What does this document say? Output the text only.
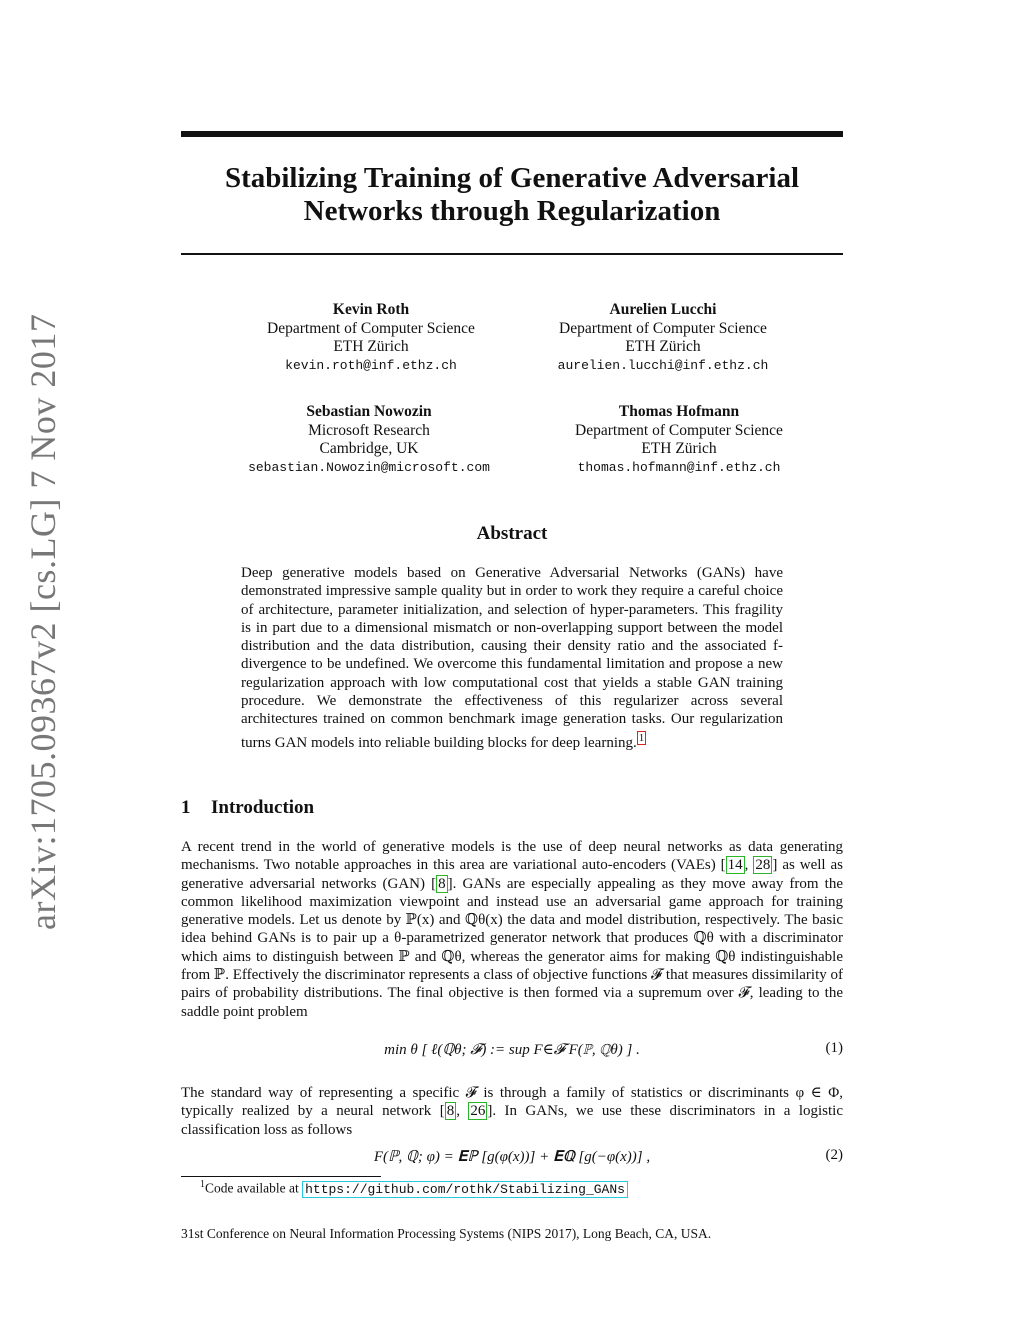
arXiv:1705.09367v2 [cs.LG] 7 Nov 2017
Stabilizing Training of Generative Adversarial
Networks through Regularization
Kevin Roth
Department of Computer Science
ETH Zürich
kevin.roth@inf.ethz.ch
Aurelien Lucchi
Department of Computer Science
ETH Zürich
aurelien.lucchi@inf.ethz.ch
Sebastian Nowozin
Microsoft Research
Cambridge, UK
sebastian.Nowozin@microsoft.com
Thomas Hofmann
Department of Computer Science
ETH Zürich
thomas.hofmann@inf.ethz.ch
Abstract
Deep generative models based on Generative Adversarial Networks (GANs) have demonstrated impressive sample quality but in order to work they require a careful choice of architecture, parameter initialization, and selection of hyper-parameters. This fragility is in part due to a dimensional mismatch or non-overlapping support between the model distribution and the data distribution, causing their density ratio and the associated f-divergence to be undefined. We overcome this fundamental limitation and propose a new regularization approach with low computational cost that yields a stable GAN training procedure. We demonstrate the effectiveness of this regularizer across several architectures trained on common benchmark image generation tasks. Our regularization turns GAN models into reliable building blocks for deep learning. $^1$
1 Introduction
A recent trend in the world of generative models is the use of deep neural networks as data generating mechanisms. Two notable approaches in this area are variational auto-encoders (VAEs) [ 14 , 28 ] as well as generative adversarial networks (GAN) [ 8 ]. GANs are especially appealing as they move away from the common likelihood maximization viewpoint and instead use an adversarial game approach for training generative models. Let us denote by ℙ(x) and ℚθ(x) the data and model distribution, respectively. The basic idea behind GANs is to pair up a θ-parametrized generator network that produces ℚθ with a discriminator which aims to distinguish between ℙ and ℚθ, whereas the generator aims for making ℚθ indistinguishable from ℙ. Effectively the discriminator represents a class of objective functions 𝓕 that measures dissimilarity of pairs of probability distributions. The final objective is then formed via a supremum over 𝓕, leading to the saddle point problem
min θ [ ℓ(ℚθ; 𝓕) := sup F∈𝓕 F(ℙ, ℚθ) ] .	(1)
The standard way of representing a specific 𝓕 is through a family of statistics or discriminants φ ∈ Φ, typically realized by a neural network [ 8 , 26 ]. In GANs, we use these discriminators in a logistic classification loss as follows
F(ℙ, ℚ; φ) = 𝐄ℙ [g(φ(x))] + 𝐄ℚ [g(−φ(x))] ,	(2)
$^1$Code available at https://github.com/rothk/Stabilizing_GANs
31st Conference on Neural Information Processing Systems (NIPS 2017), Long Beach, CA, USA.
